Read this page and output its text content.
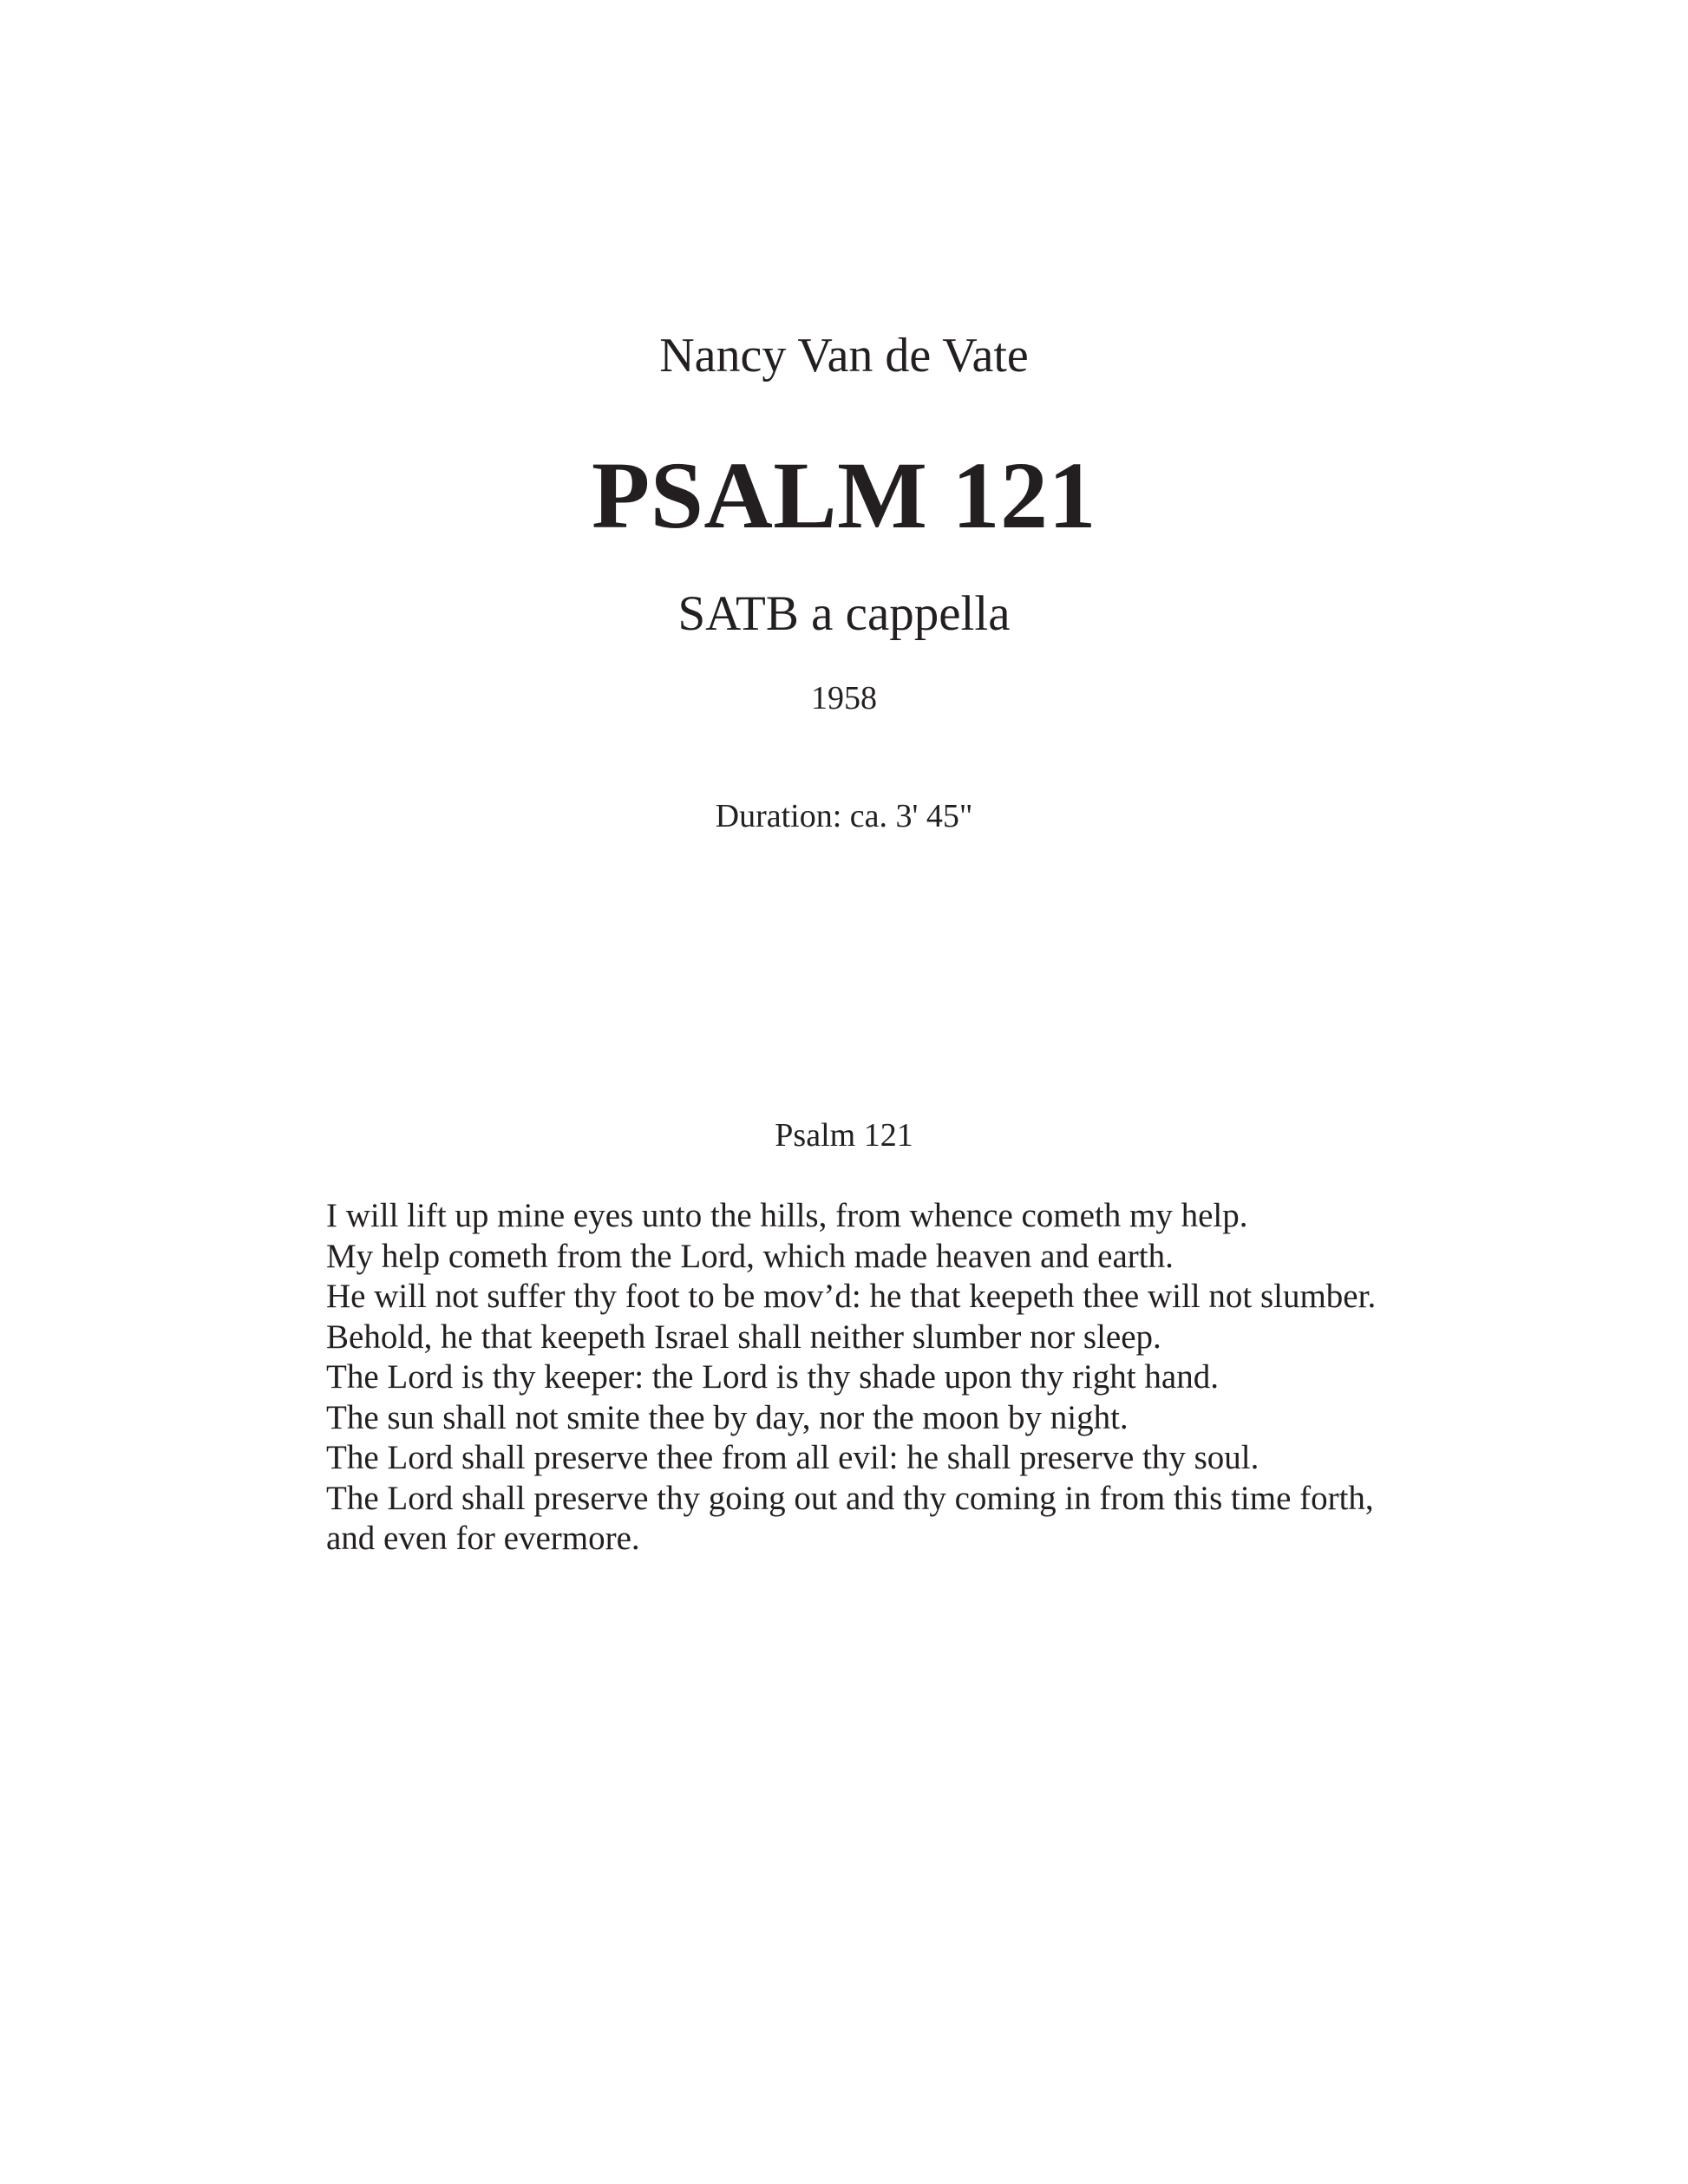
Nancy Van de Vate
PSALM 121
SATB a cappella
1958
Duration: ca. 3' 45"
Psalm 121
I will lift up mine eyes unto the hills, from whence cometh my help.
My help cometh from the Lord, which made heaven and earth.
He will not suffer thy foot to be mov’d: he that keepeth thee will not slumber.
Behold, he that keepeth Israel shall neither slumber nor sleep.
The Lord is thy keeper: the Lord is thy shade upon thy right hand.
The sun shall not smite thee by day, nor the moon by night.
The Lord shall preserve thee from all evil: he shall preserve thy soul.
The Lord shall preserve thy going out and thy coming in from this time forth,
and even for evermore.
